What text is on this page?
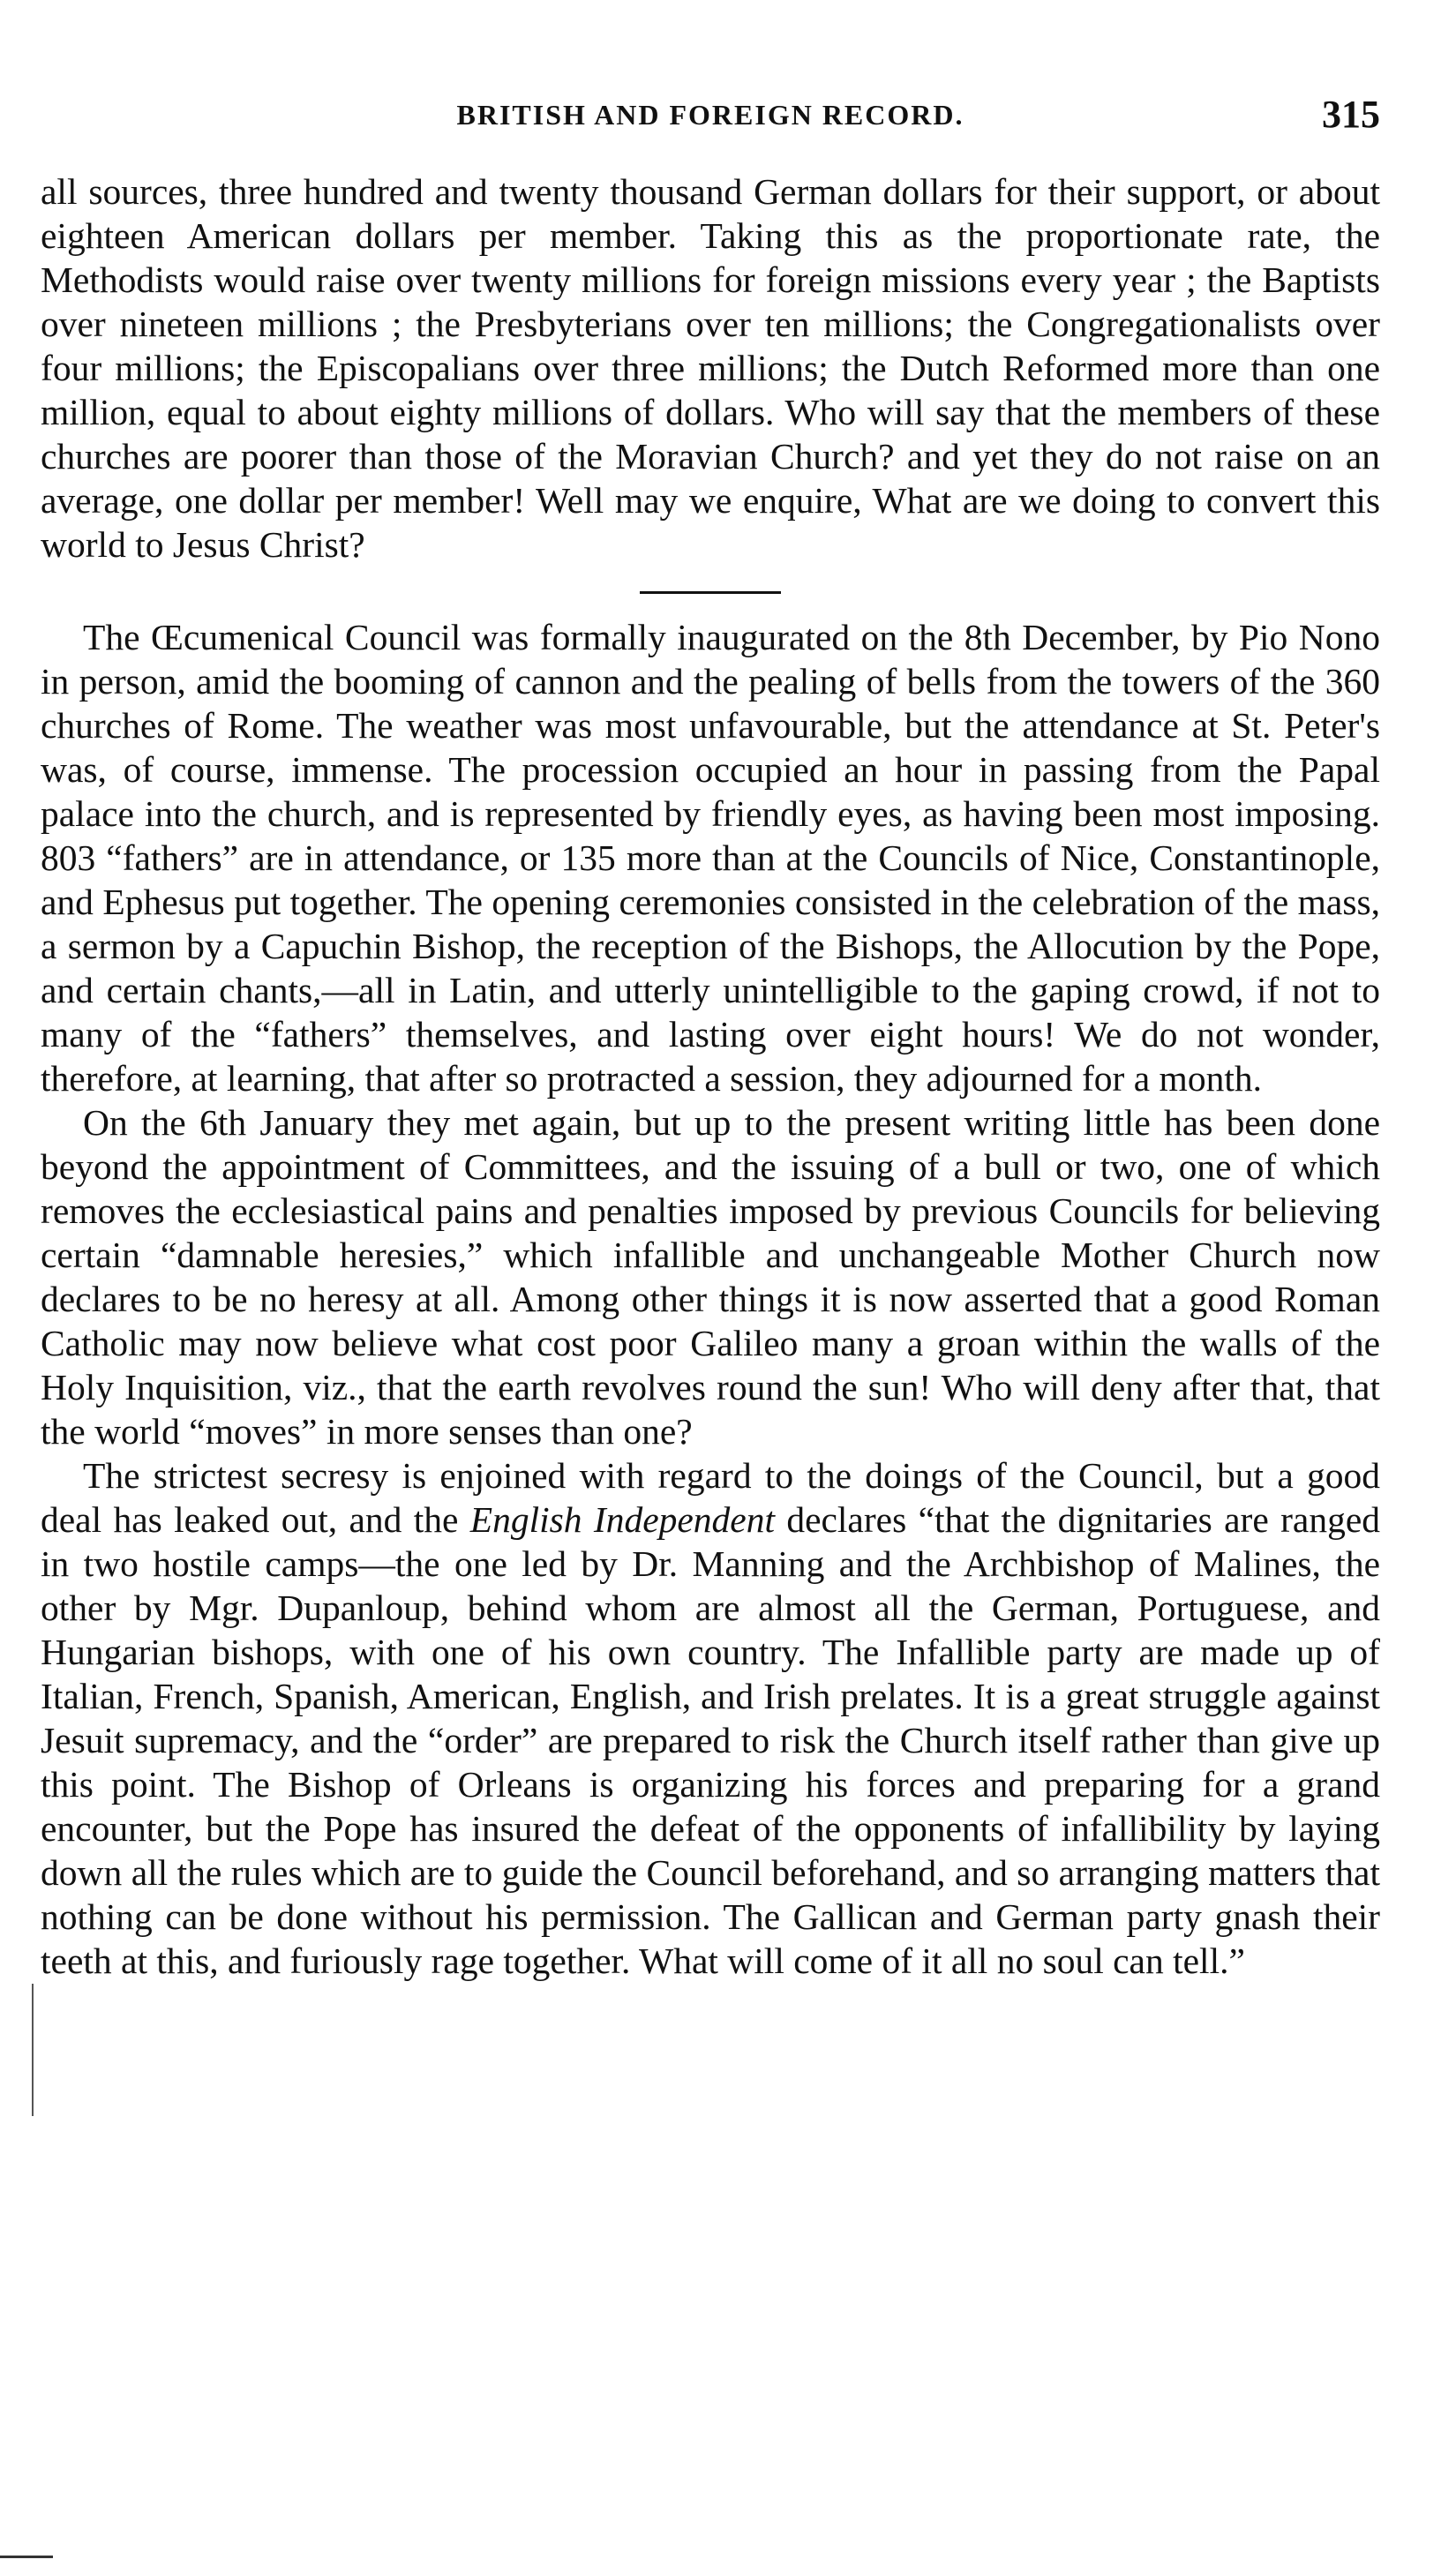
BRITISH AND FOREIGN RECORD.	315

all sources, three hundred and twenty thousand German dollars for their support, or about eighteen American dollars per member. Taking this as the proportionate rate, the Methodists would raise over twenty millions for foreign missions every year ; the Baptists over nineteen millions ; the Presbyterians over ten millions; the Congregationalists over four millions; the Episcopalians over three millions; the Dutch Reformed more than one million, equal to about eighty millions of dollars. Who will say that the members of these churches are poorer than those of the Moravian Church? and yet they do not raise on an average, one dollar per member! Well may we enquire, What are we doing to convert this world to Jesus Christ?

The Œcumenical Council was formally inaugurated on the 8th December, by Pio Nono in person, amid the booming of cannon and the pealing of bells from the towers of the 360 churches of Rome. The weather was most unfavourable, but the attendance at St. Peter's was, of course, immense. The procession occupied an hour in passing from the Papal palace into the church, and is represented by friendly eyes, as having been most imposing. 803 “fathers” are in attendance, or 135 more than at the Councils of Nice, Constantinople, and Ephesus put together. The opening ceremonies consisted in the celebration of the mass, a sermon by a Capuchin Bishop, the reception of the Bishops, the Allocution by the Pope, and certain chants,—all in Latin, and utterly unintelligible to the gaping crowd, if not to many of the “fathers” themselves, and lasting over eight hours! We do not wonder, therefore, at learning, that after so protracted a session, they adjourned for a month.

On the 6th January they met again, but up to the present writing little has been done beyond the appointment of Committees, and the issuing of a bull or two, one of which removes the ecclesiastical pains and penalties imposed by previous Councils for believing certain “damnable heresies,” which infallible and unchangeable Mother Church now declares to be no heresy at all. Among other things it is now asserted that a good Roman Catholic may now believe what cost poor Galileo many a groan within the walls of the Holy Inquisition, viz., that the earth revolves round the sun! Who will deny after that, that the world “moves” in more senses than one?

The strictest secresy is enjoined with regard to the doings of the Council, but a good deal has leaked out, and the English Independent declares “that the dignitaries are ranged in two hostile camps—the one led by Dr. Manning and the Archbishop of Malines, the other by Mgr. Dupanloup, behind whom are almost all the German, Portuguese, and Hungarian bishops, with one of his own country. The Infallible party are made up of Italian, French, Spanish, American, English, and Irish prelates. It is a great struggle against Jesuit supremacy, and the “order” are prepared to risk the Church itself rather than give up this point. The Bishop of Orleans is organizing his forces and preparing for a grand encounter, but the Pope has insured the defeat of the opponents of infallibility by laying down all the rules which are to guide the Council beforehand, and so arranging matters that nothing can be done without his permission. The Gallican and German party gnash their teeth at this, and furiously rage together. What will come of it all no soul can tell.”
